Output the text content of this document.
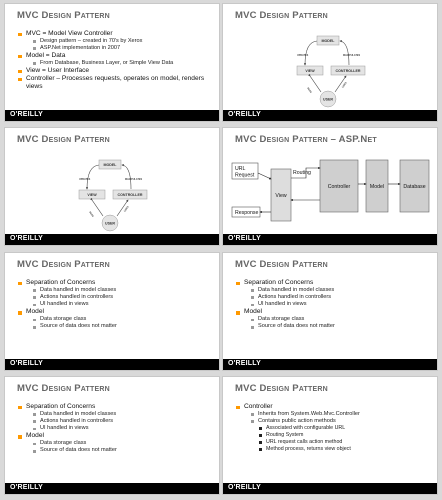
MVC Design Pattern
MVC = Model View Controller
Design pattern – created in 70's by Xerox
ASP.Net implementation in 2007
Model = Data
From Database, Business Layer, or Simple View Data
View = User Interface
Controller – Processes requests, operates on model, renders views
O'REILLY
MVC Design Pattern
MODEL
VIEW	CONTROLLER
UPDATES	MANIPULATES
USER
SEES
USES
O'REILLY
MVC Design Pattern
MODEL
VIEW	CONTROLLER
UPDATES	MANIPULATES
USER
SEES
USES
O'REILLY
MVC Design Pattern – ASP.Net
URL
Request
View
Controller	Model	Database
Response
Routing
O'REILLY
MVC Design Pattern
Separation of Concerns
Data handled in model classes
Actions handled in controllers
UI handled in views
Model
Data storage class
Source of data does not matter
O'REILLY
MVC Design Pattern
Separation of Concerns
Data handled in model classes
Actions handled in controllers
UI handled in views
Model
Data storage class
Source of data does not matter
O'REILLY
MVC Design Pattern
Separation of Concerns
Data handled in model classes
Actions handled in controllers
UI handled in views
Model
Data storage class
Source of data does not matter
O'REILLY
MVC Design Pattern
Controller
Inherits from System.Web.Mvc.Controller
Contains public action methods
Associated with configurable URL
Routing System
URL request calls action method
Method process, returns view object
O'REILLY
